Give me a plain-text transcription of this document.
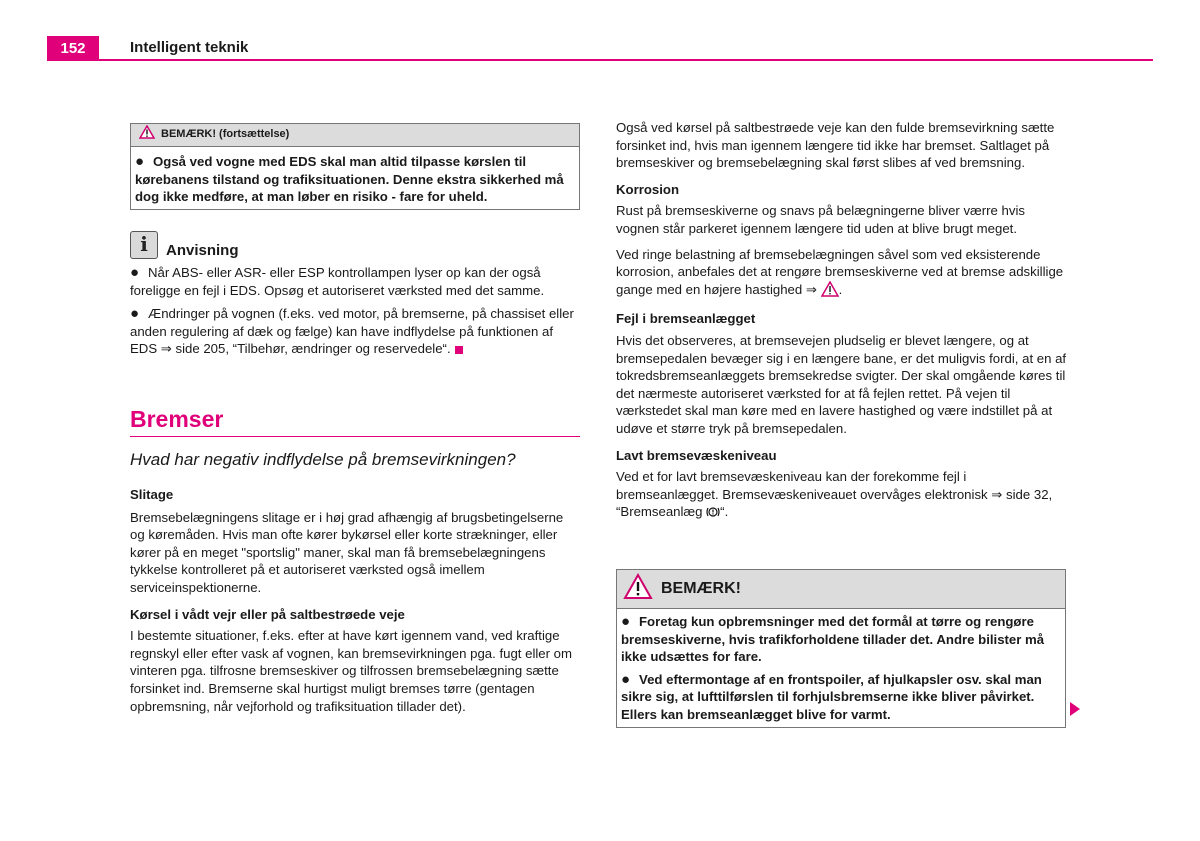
152	Intelligent teknik
BEMÆRK! (fortsættelse)
● Også ved vogne med EDS skal man altid tilpasse kørslen til kørebanens tilstand og trafiksituationen. Denne ekstra sikkerhed må dog ikke medføre, at man løber en risiko - fare for uheld.
i	Anvisning

● Når ABS- eller ASR- eller ESP kontrollampen lyser op kan der også foreligge en fejl i EDS. Opsøg et autoriseret værksted med det samme.

● Ændringer på vognen (f.eks. ved motor, på bremserne, på chassiset eller anden regulering af dæk og fælge) kan have indflydelse på funktionen af EDS ⇒ side 205, “Tilbehør, ændringer og reservedele“.

Bremser
Hvad har negativ indflydelse på bremsevirkningen?

Slitage

Bremsebelægningens slitage er i høj grad afhængig af brugsbetingelserne og køremåden. Hvis man ofte kører bykørsel eller korte strækninger, eller kører på en meget "sportslig" maner, skal man få bremsebelægningens tykkelse kontrolleret på et autoriseret værksted også imellem serviceinspektionerne.

Kørsel i vådt vejr eller på saltbestrøede veje

I bestemte situationer, f.eks. efter at have kørt igennem vand, ved kraftige regnskyl eller efter vask af vognen, kan bremsevirkningen pga. fugt eller om vinteren pga. tilfrosne bremseskiver og tilfrossen bremsebelægning sætte forsinket ind. Bremserne skal hurtigst muligt bremses tørre (gentagen opbremsning, når vejforhold og trafiksituation tillader det).

Også ved kørsel på saltbestrøede veje kan den fulde bremsevirkning sætte forsinket ind, hvis man igennem længere tid ikke har bremset. Saltlaget på bremseskiver og bremsebelægning skal først slibes af ved bremsning.

Korrosion

Rust på bremseskiverne og snavs på belægningerne bliver værre hvis vognen står parkeret igennem længere tid uden at blive brugt meget.

Ved ringe belastning af bremsebelægningen såvel som ved eksisterende korrosion, anbefales det at rengøre bremseskiverne ved at bremse adskillige gange med en højere hastighed ⇒ .

Fejl i bremseanlægget

Hvis det observeres, at bremsevejen pludselig er blevet længere, og at bremsepedalen bevæger sig i en længere bane, er det muligvis fordi, at en af tokredsbremseanlæggets bremsekredse svigter. Der skal omgående køres til det nærmeste autoriseret værksted for at få fejlen rettet. På vejen til værkstedet skal man køre med en lavere hastighed og være indstillet på at udøve et større tryk på bremsepedalen.

Lavt bremsevæskeniveau

Ved et for lavt bremsevæskeniveau kan der forekomme fejl i bremseanlægget. Bremsevæskeniveauet overvåges elektronisk ⇒ side 32, “Bremseanlæg “.

BEMÆRK!

● Foretag kun opbremsninger med det formål at tørre og rengøre bremseskiverne, hvis trafikforholdene tillader det. Andre bilister må ikke udsættes for fare.

● Ved eftermontage af en frontspoiler, af hjulkapsler osv. skal man sikre sig, at lufttilførslen til forhjulsbremserne ikke bliver påvirket. Ellers kan bremseanlægget blive for varmt.
